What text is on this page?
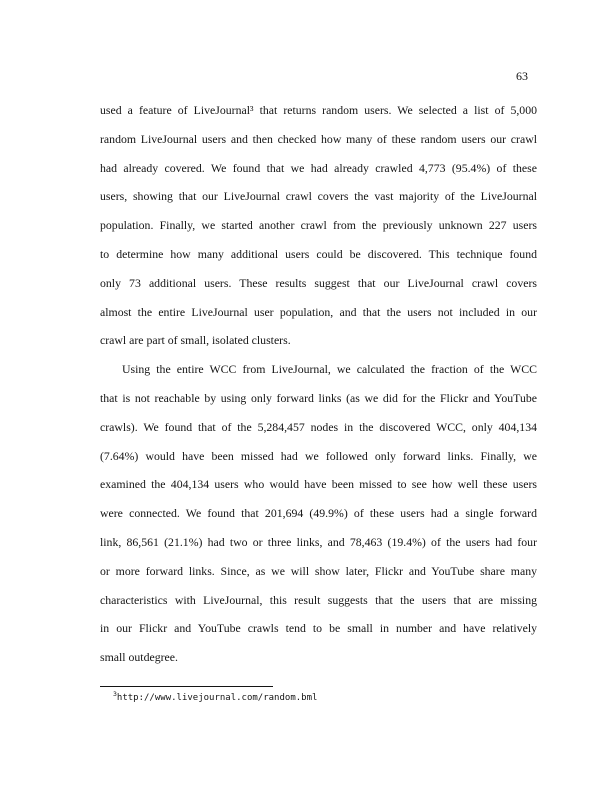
63
used a feature of LiveJournal³ that returns random users. We selected a list of 5,000
random LiveJournal users and then checked how many of these random users our crawl
had already covered. We found that we had already crawled 4,773 (95.4%) of these
users, showing that our LiveJournal crawl covers the vast majority of the LiveJournal
population. Finally, we started another crawl from the previously unknown 227 users
to determine how many additional users could be discovered. This technique found
only 73 additional users. These results suggest that our LiveJournal crawl covers
almost the entire LiveJournal user population, and that the users not included in our
crawl are part of small, isolated clusters.
Using the entire WCC from LiveJournal, we calculated the fraction of the WCC
that is not reachable by using only forward links (as we did for the Flickr and YouTube
crawls). We found that of the 5,284,457 nodes in the discovered WCC, only 404,134
(7.64%) would have been missed had we followed only forward links. Finally, we
examined the 404,134 users who would have been missed to see how well these users
were connected. We found that 201,694 (49.9%) of these users had a single forward
link, 86,561 (21.1%) had two or three links, and 78,463 (19.4%) of the users had four
or more forward links. Since, as we will show later, Flickr and YouTube share many
characteristics with LiveJournal, this result suggests that the users that are missing
in our Flickr and YouTube crawls tend to be small in number and have relatively
small outdegree.
$^3$http://www.livejournal.com/random.bml
